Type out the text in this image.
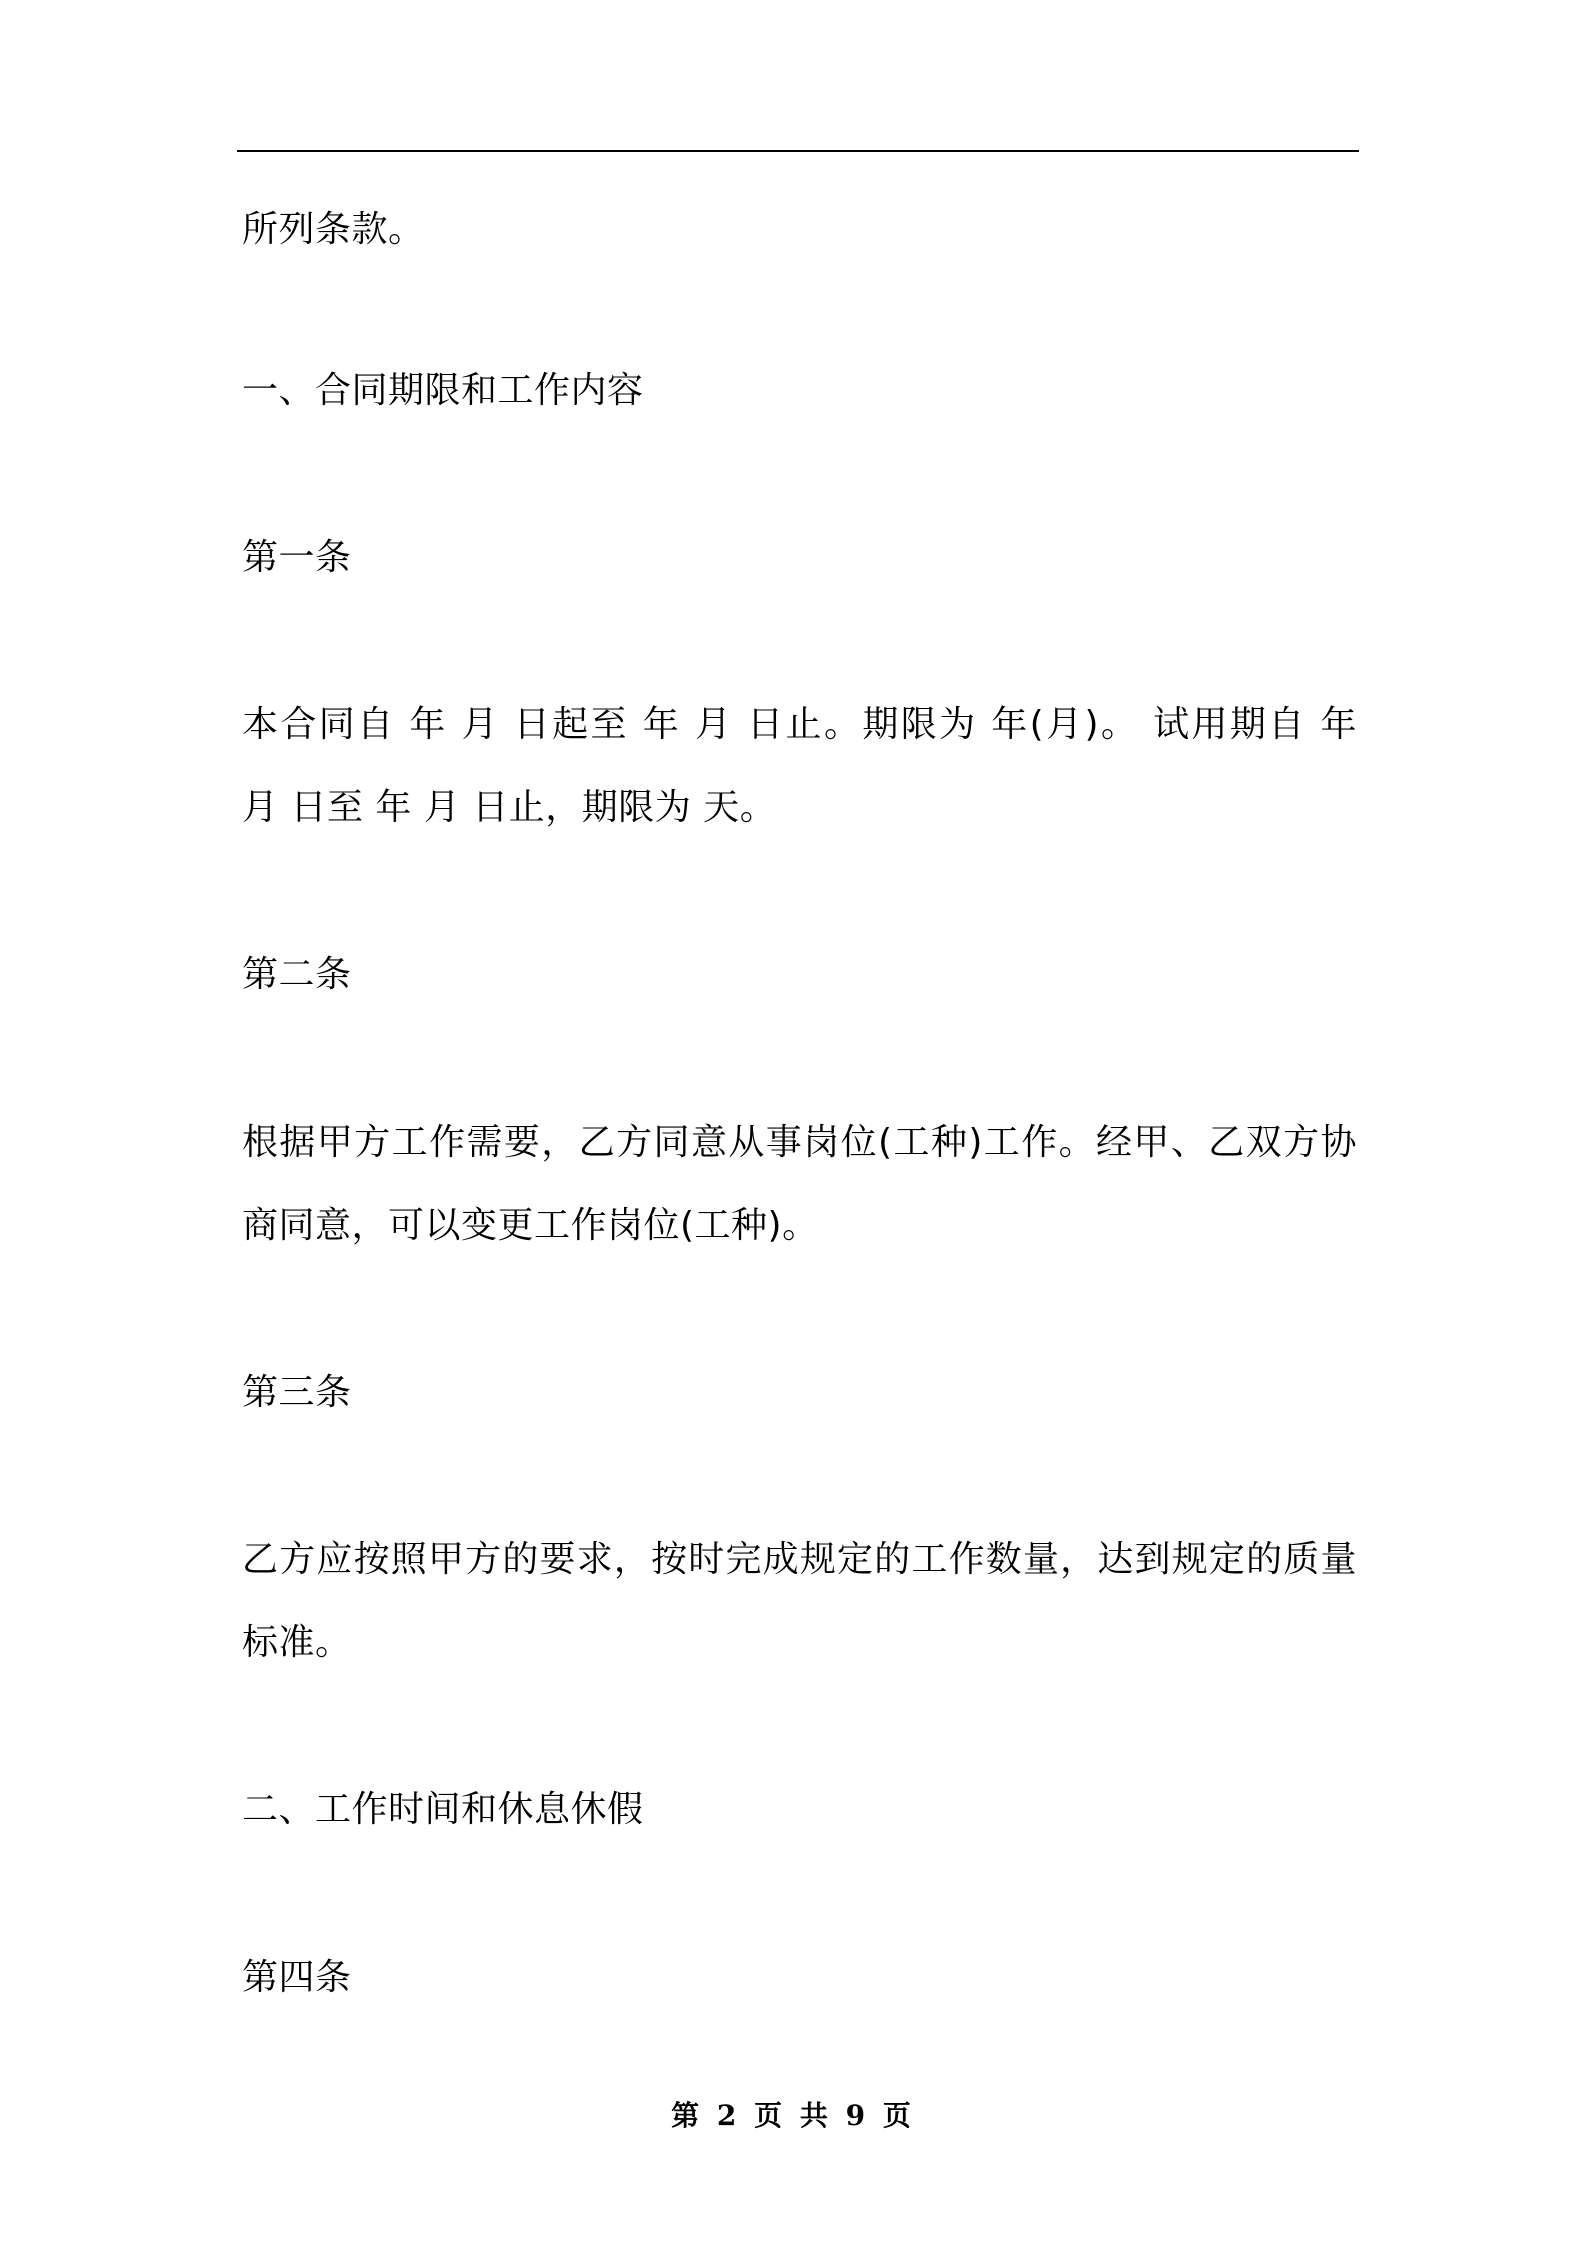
所列条款。
一、合同期限和工作内容
第一条
本合同自 年 月 日起至 年 月 日止。期限为 年(月)。 试用期自 年
月 日至 年 月 日止，期限为 天。
第二条
根据甲方工作需要，乙方同意从事岗位(工种)工作。经甲、乙双方协
商同意，可以变更工作岗位(工种)。
第三条
乙方应按照甲方的要求，按时完成规定的工作数量，达到规定的质量
标准。
二、工作时间和休息休假
第四条
第 2 页 共 9 页
